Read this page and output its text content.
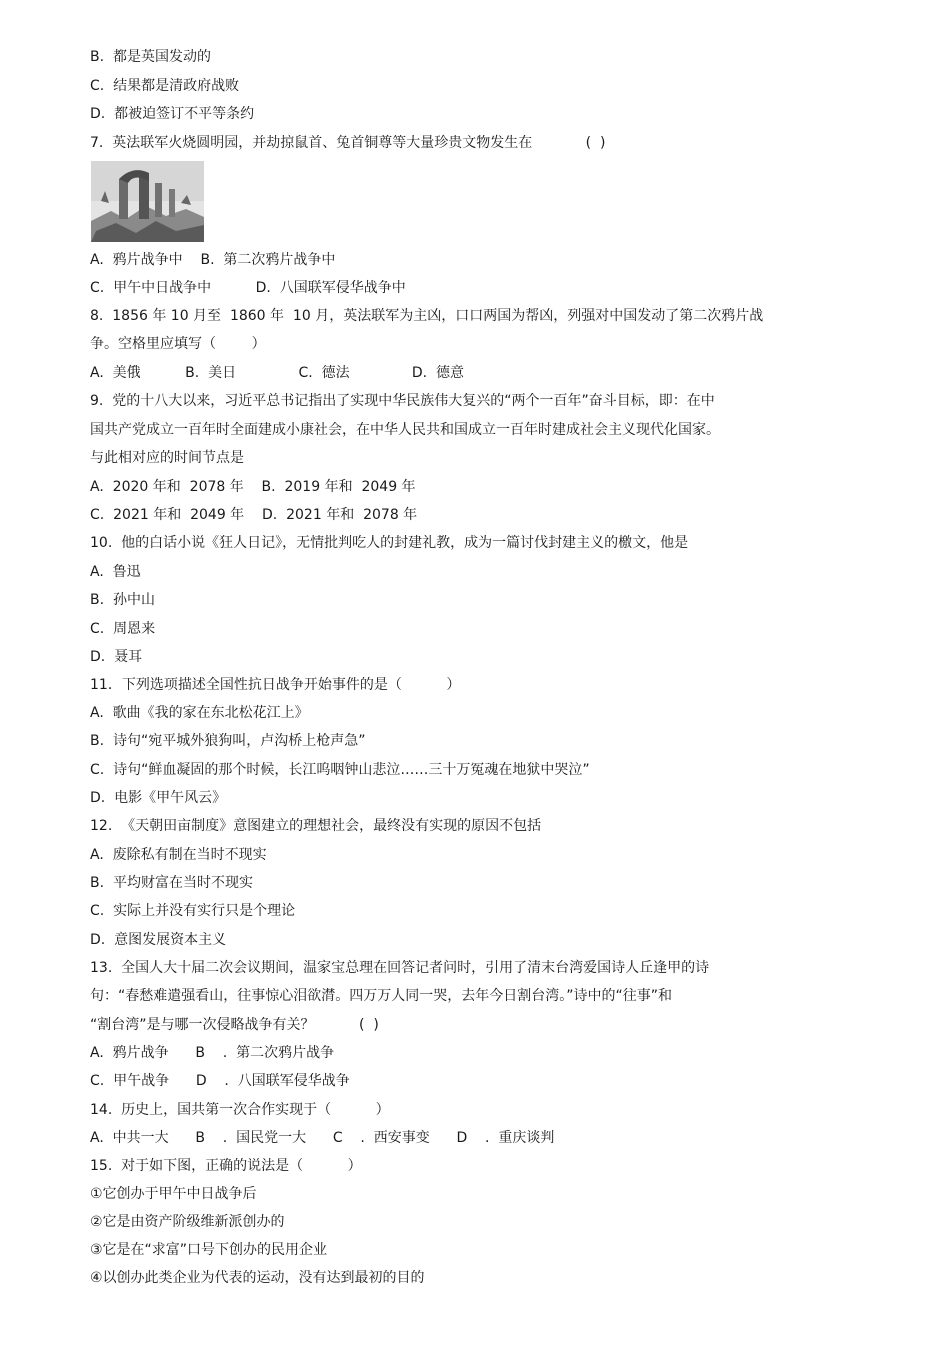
B.  都是英国发动的
C.  结果都是清政府战败
D.  都被迫签订不平等条约
7.  英法联军火烧圆明园，并劫掠鼠首、兔首铜尊等大量珍贵文物发生在            (  )
A.  鸦片战争中    B.  第二次鸦片战争中
C.  甲午中日战争中          D.  八国联军侵华战争中
8.  1856 年 10 月至  1860 年  10 月，英法联军为主凶，口口两国为帮凶，列强对中国发动了第二次鸦片战
争。空格里应填写（        ）
A.  美俄          B.  美日              C.  德法              D.  德意
9.  党的十八大以来，习近平总书记指出了实现中华民族伟大复兴的“两个一百年”奋斗目标，即：在中
国共产党成立一百年时全面建成小康社会，在中华人民共和国成立一百年时建成社会主义现代化国家。
与此相对应的时间节点是
A.  2020 年和  2078 年    B.  2019 年和  2049 年
C.  2021 年和  2049 年    D.  2021 年和  2078 年
10.  他的白话小说《狂人日记》，无情批判吃人的封建礼教，成为一篇讨伐封建主义的檄文，他是
A.  鲁迅
B.  孙中山
C.  周恩来
D.  聂耳
11．下列选项描述全国性抗日战争开始事件的是（          ）
A.  歌曲《我的家在东北松花江上》
B.  诗句“宛平城外狼狗叫，卢沟桥上枪声急”
C.  诗句“鲜血凝固的那个时候，长江呜咽钟山悲泣……三十万冤魂在地狱中哭泣”
D.  电影《甲午风云》
12.  《天朝田亩制度》意图建立的理想社会，最终没有实现的原因不包括
A.  废除私有制在当时不现实
B.  平均财富在当时不现实
C.  实际上并没有实行只是个理论
D.  意图发展资本主义
13.  全国人大十届二次会议期间，温家宝总理在回答记者问时，引用了清末台湾爱国诗人丘逢甲的诗
句：“春愁难遣强看山，往事惊心泪欲潸。四万万人同一哭，去年今日割台湾。”诗中的“往事”和
“割台湾”是与哪一次侵略战争有关？          (  )
A.  鸦片战争      B    .  第二次鸦片战争
C.  甲午战争      D    .  八国联军侵华战争
14.  历史上，国共第一次合作实现于（          ）
A.  中共一大      B    .  国民党一大      C    .  西安事变      D    .  重庆谈判
15.  对于如下图，正确的说法是（          ）
①它创办于甲午中日战争后
②它是由资产阶级维新派创办的
③它是在“求富”口号下创办的民用企业
④以创办此类企业为代表的运动，没有达到最初的目的
